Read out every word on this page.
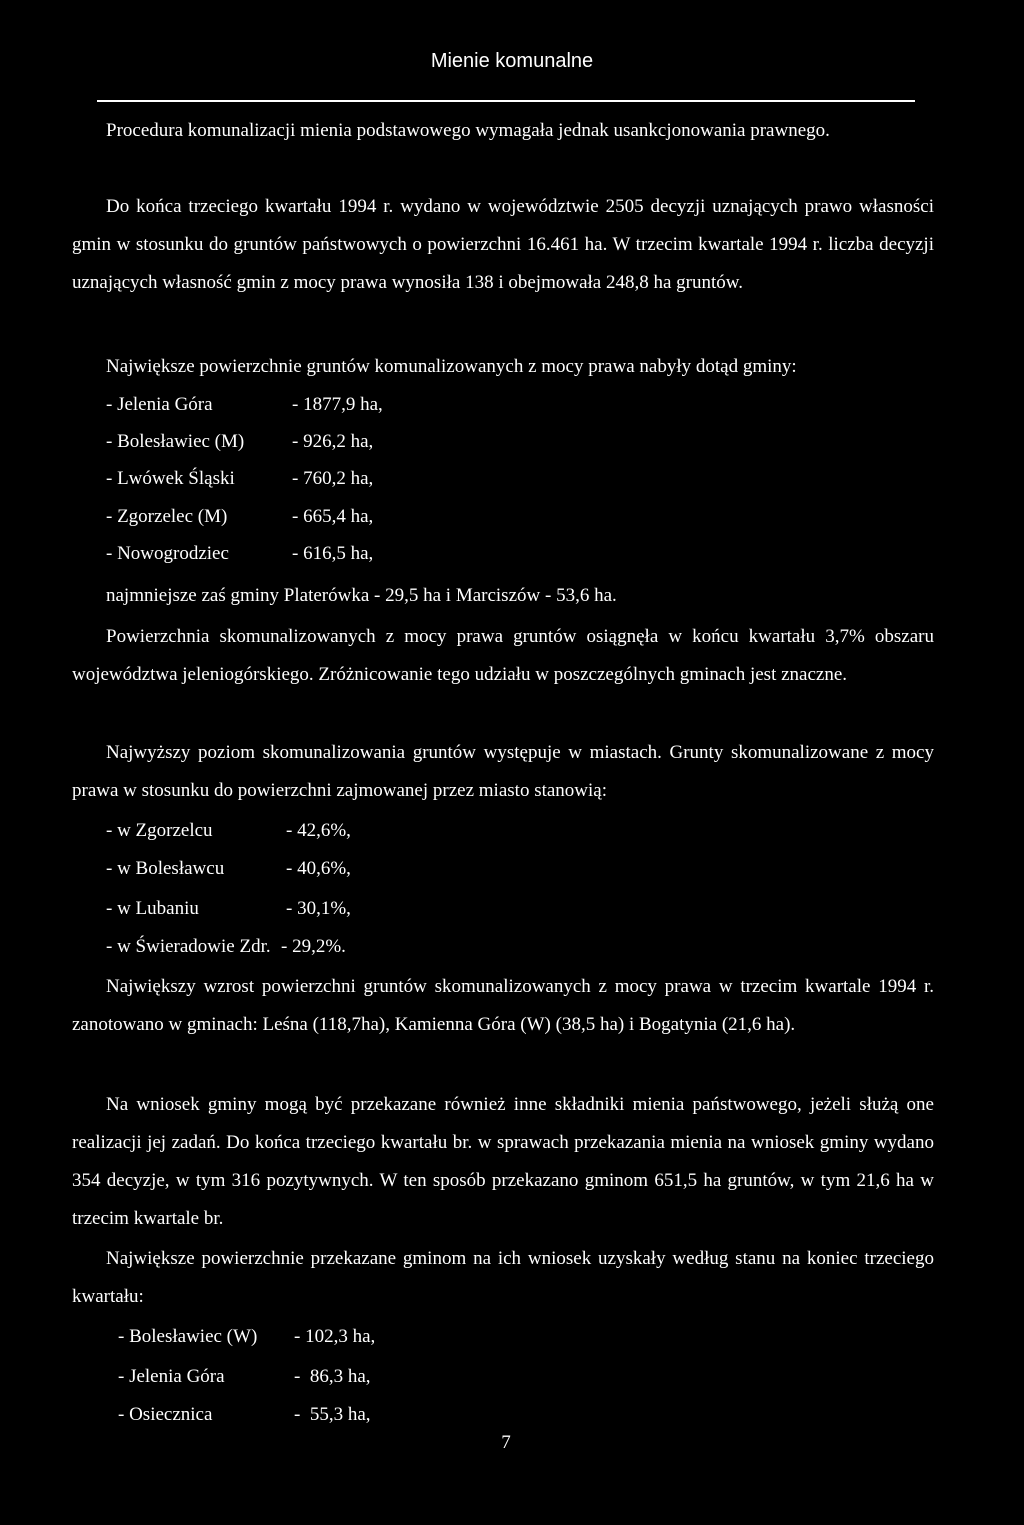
Mienie komunalne
Procedura komunalizacji mienia podstawowego wymagała jednak usankcjonowania prawnego.
Do końca trzeciego kwartału 1994 r. wydano w województwie 2505 decyzji uznających prawo własności gmin w stosunku do gruntów państwowych o powierzchni 16.461 ha. W trzecim kwartale 1994 r. liczba decyzji uznających własność gmin z mocy prawa wynosiła 138 i obejmowała 248,8 ha gruntów.
Największe powierzchnie gruntów komunalizowanych z mocy prawa nabyły dotąd gminy:
- Jelenia Góra	- 1877,9 ha,
- Bolesławiec (M)	- 926,2 ha,
- Lwówek Śląski	- 760,2 ha,
- Zgorzelec (M)	- 665,4 ha,
- Nowogrodziec	- 616,5 ha,
najmniejsze zaś gminy Platerówka - 29,5 ha i Marciszów - 53,6 ha.
Powierzchnia skomunalizowanych z mocy prawa gruntów osiągnęła w końcu kwartału 3,7% obszaru województwa jeleniogórskiego. Zróżnicowanie tego udziału w poszczególnych gminach jest znaczne.
Najwyższy poziom skomunalizowania gruntów występuje w miastach. Grunty skomunalizowane z mocy prawa w stosunku do powierzchni zajmowanej przez miasto stanowią:
- w Zgorzelcu	- 42,6%,
- w Bolesławcu	- 40,6%,
- w Lubaniu	- 30,1%,
- w Świeradowie Zdr. - 29,2%.
Największy wzrost powierzchni gruntów skomunalizowanych z mocy prawa w trzecim kwartale 1994 r. zanotowano w gminach: Leśna (118,7ha), Kamienna Góra (W) (38,5 ha) i Bogatynia (21,6 ha).
Na wniosek gminy mogą być przekazane również inne składniki mienia państwowego, jeżeli służą one realizacji jej zadań. Do końca trzeciego kwartału br. w sprawach przekazania mienia na wniosek gminy wydano 354 decyzje, w tym 316 pozytywnych. W ten sposób przekazano gminom 651,5 ha gruntów, w tym 21,6 ha w trzecim kwartale br.
Największe powierzchnie przekazane gminom na ich wniosek uzyskały według stanu na koniec trzeciego kwartału:
- Bolesławiec (W) - 102,3 ha,
- Jelenia Góra	-  86,3 ha,
- Osiecznica	-  55,3 ha,
7
